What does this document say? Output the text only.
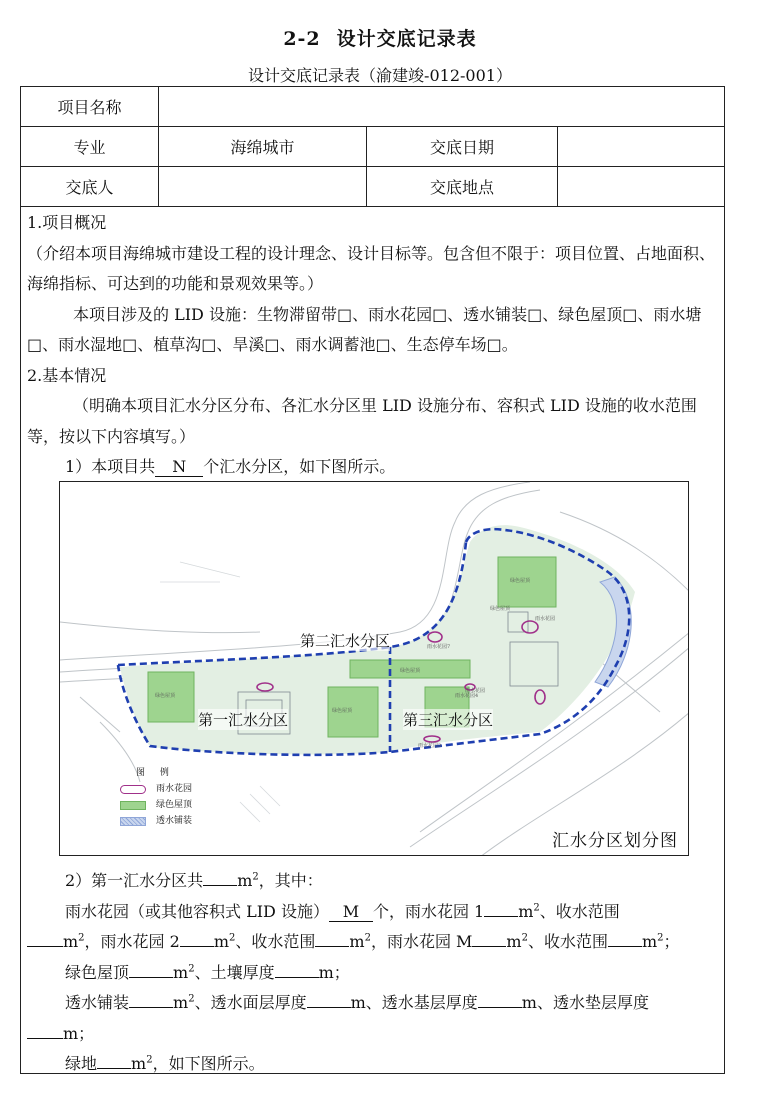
2-2 设计交底记录表
设计交底记录表（渝建竣-012-001）
项目名称			
专业	海绵城市	交底日期	
交底人		交底地点	

1.项目概况

（介绍本项目海绵城市建设工程的设计理念、设计目标等。包含但不限于：项目位置、占地面积、海绵指标、可达到的功能和景观效果等。）

本项目涉及的 LID 设施：生物滞留带□、雨水花园□、透水铺装□、绿色屋顶□、雨水塘□、雨水湿地□、植草沟□、旱溪□、雨水调蓄池□、生态停车场□。

2.基本情况

（明确本项目汇水分区分布、各汇水分区里 LID 设施分布、容积式 LID 设施的收水范围等，按以下内容填写。）

1）本项目共 N 个汇水分区，如下图所示。

绿色屋顶
绿色屋顶
绿色屋顶
绿色屋顶
绿色屋顶
雨水花园7
雨水花园4
雨水花园3
雨水花园
雨水花园
第二汇水分区
第一汇水分区	第三汇水分区
图 例
雨水花园
绿色屋顶
透水铺装
汇水分区划分图

2）第一汇水分区共 $m^2$，其中：

雨水花园（或其他容积式 LID 设施） M 个，雨水花园 1 $m^2$、收水范围

$m^2$，雨水花园 2 $m^2$、收水范围 $m^2$，雨水花园 M $m^2$、收水范围 $m^2$；

绿色屋顶	$m^2$、土壤厚度	m；

透水铺装	$m^2$、透水面层厚度	m、透水基层厚度	m、透水垫层厚度

m；

绿地 $m^2$，如下图所示。
